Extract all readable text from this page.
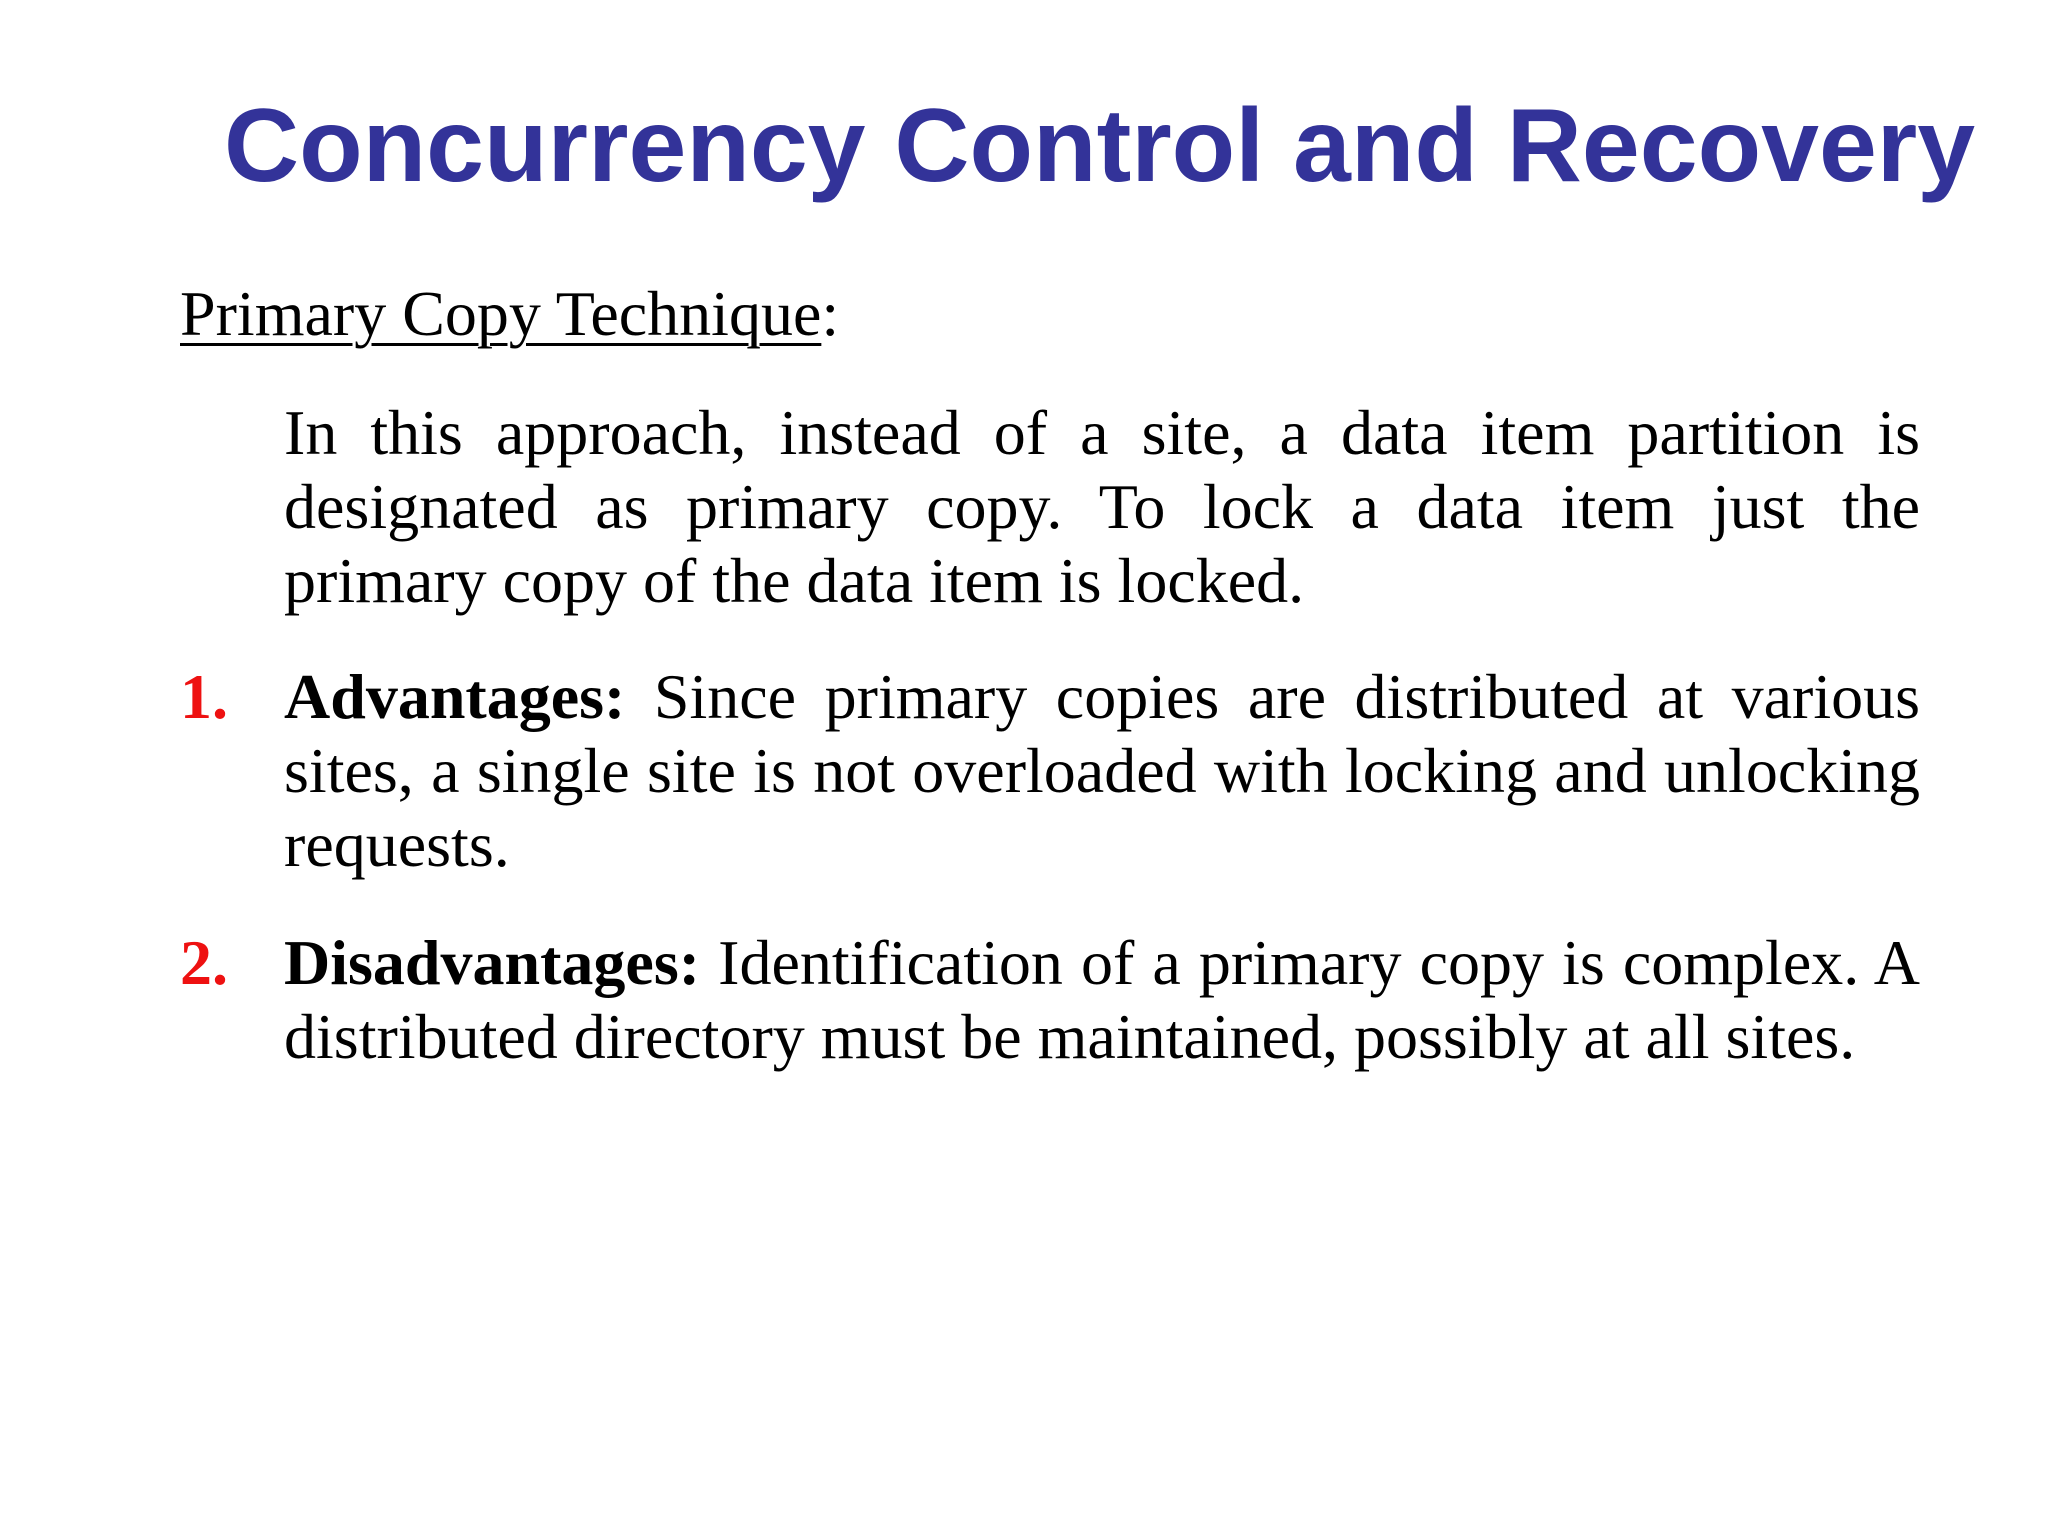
Concurrency Control and Recovery

Primary Copy Technique:

In this approach, instead of a site, a data item partition is designated as primary copy. To lock a data item just the primary copy of the data item is locked.

1. Advantages: Since primary copies are distributed at various sites, a single site is not overloaded with locking and unlocking requests.

2. Disadvantages: Identification of a primary copy is complex. A distributed directory must be maintained, possibly at all sites.
